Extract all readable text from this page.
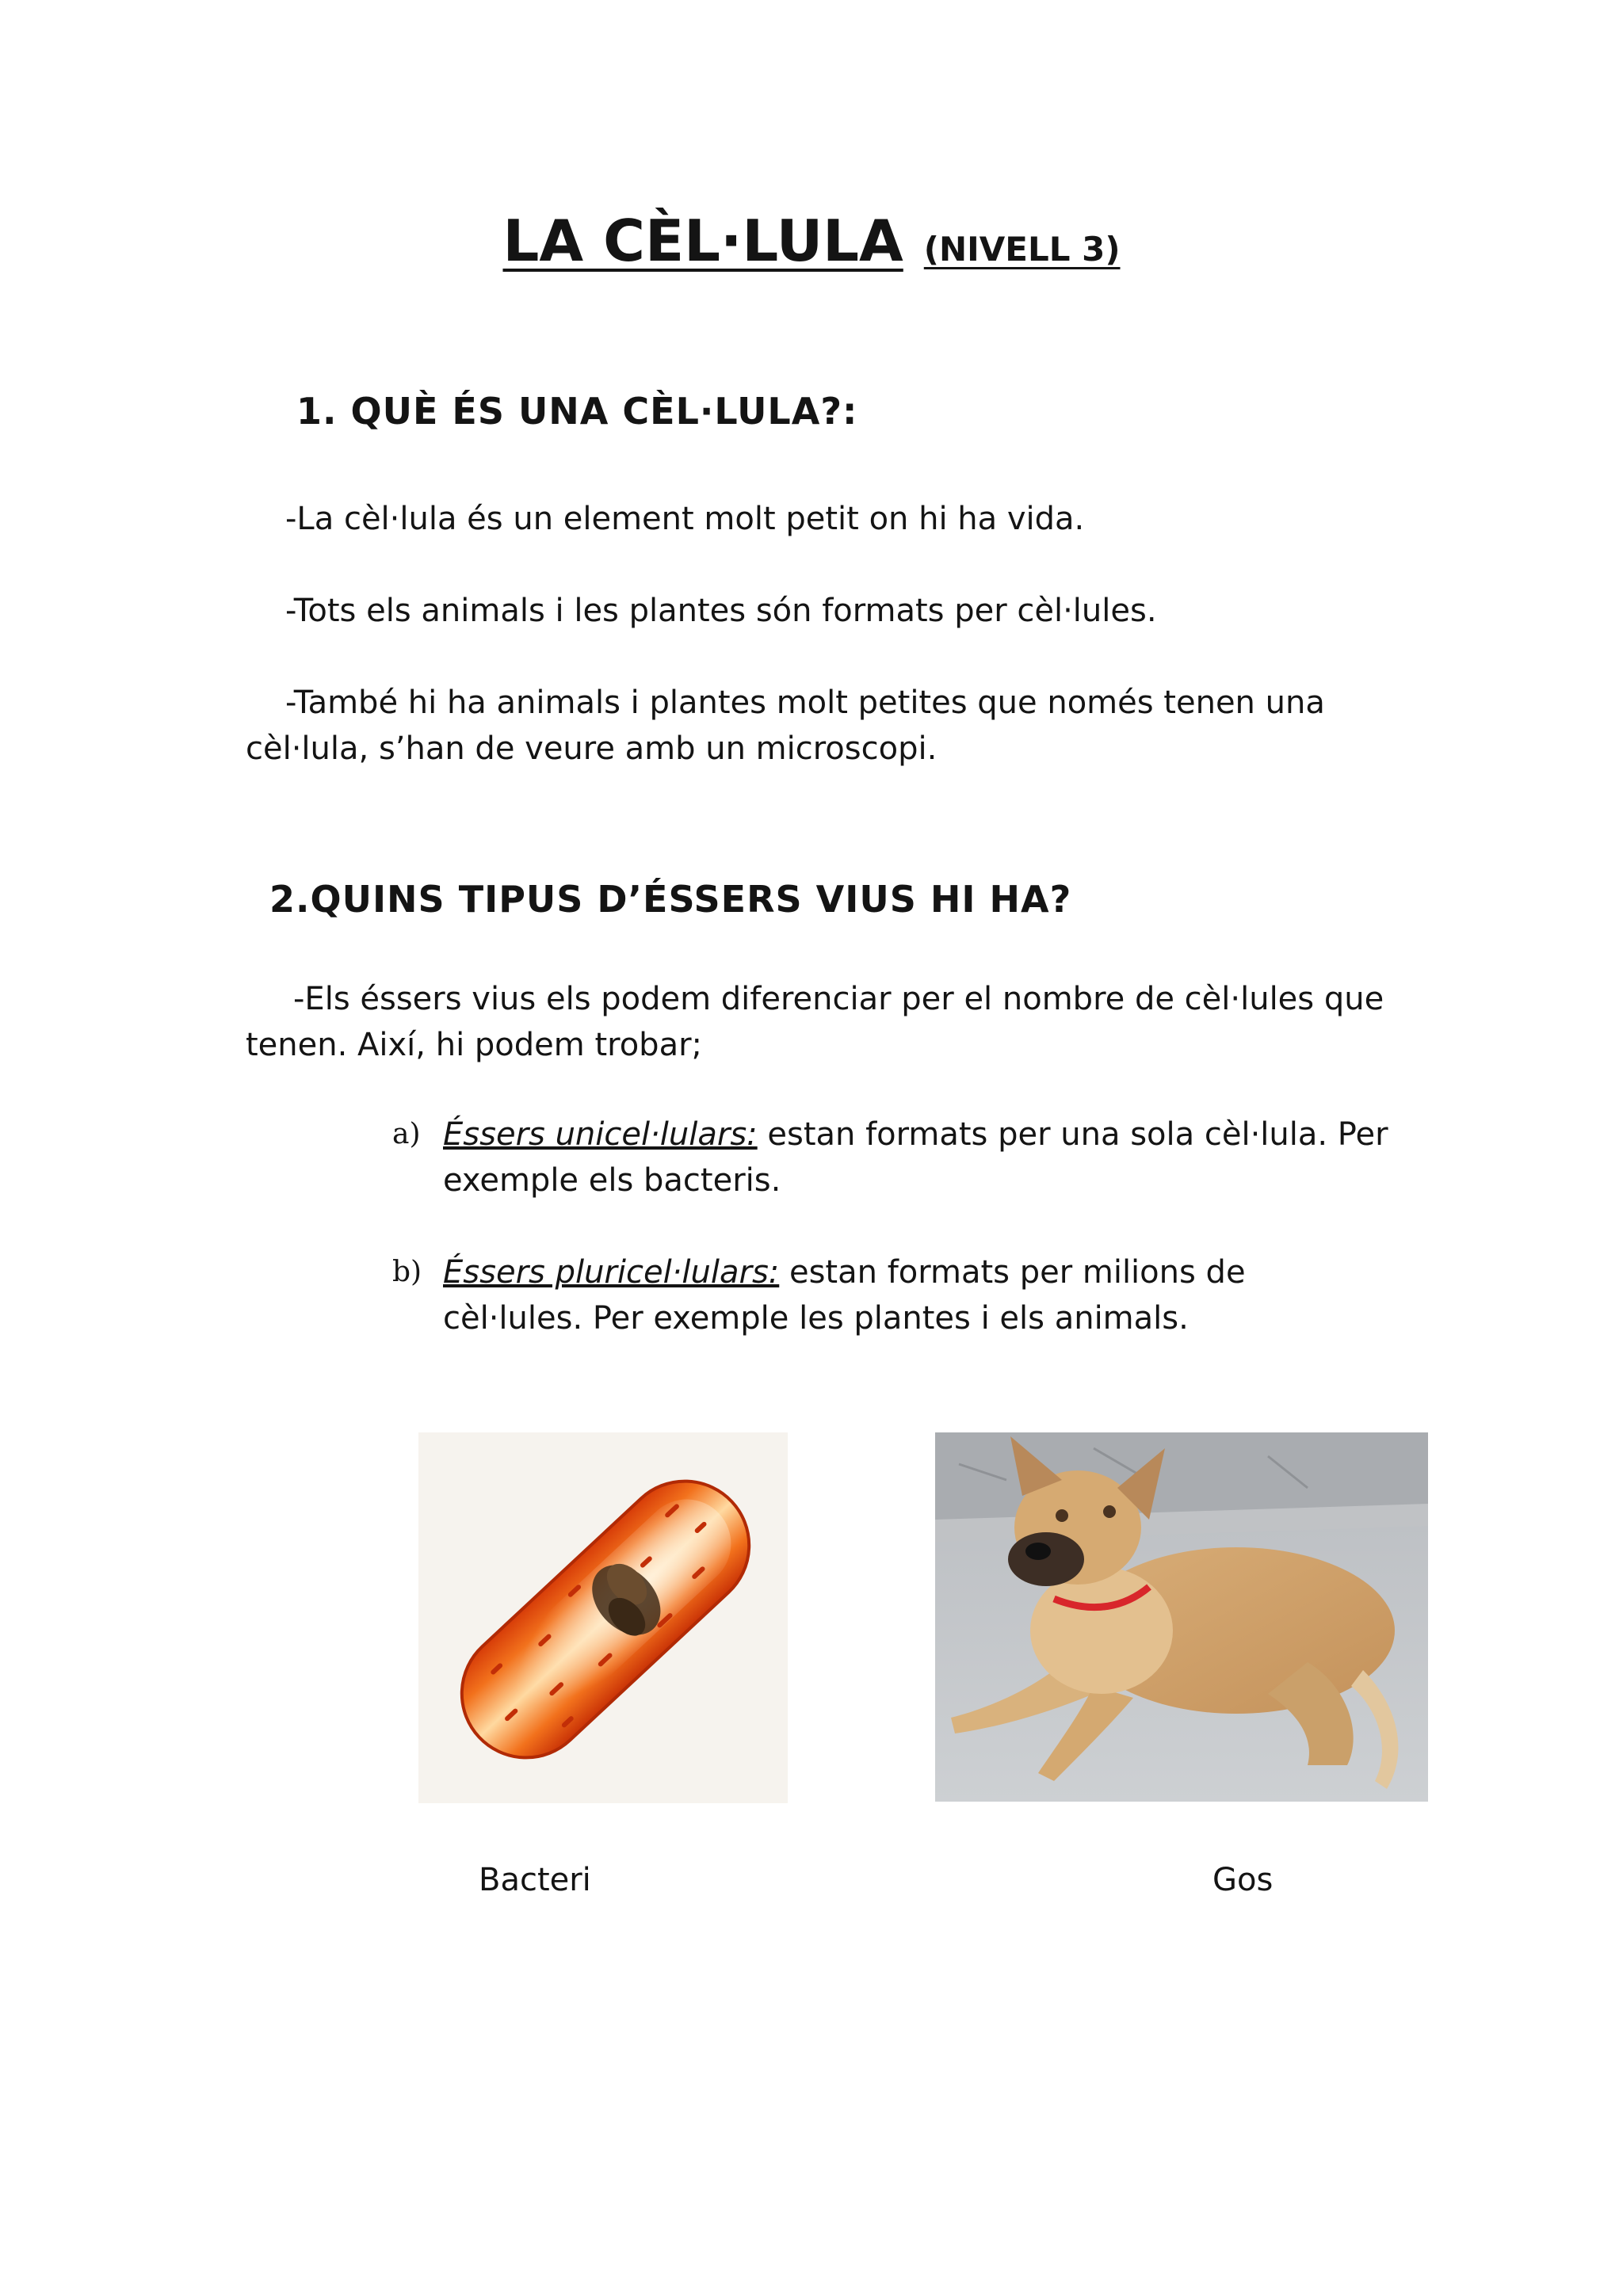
LA CÈL·LULA (NIVELL 3)
1. QUÈ ÉS UNA CÈL·LULA?:

-La cèl·lula és un element molt petit on hi ha vida.

-Tots els animals i les plantes són formats per cèl·lules.

-També hi ha animals i plantes molt petites que només tenen una cèl·lula, s’han de veure amb un microscopi.

2.QUINS TIPUS D’ÉSSERS VIUS HI HA?

-Els éssers vius els podem diferenciar per el nombre de cèl·lules que tenen. Així, hi podem trobar;

a) Éssers unicel·lulars: estan formats per una sola cèl·lula. Per exemple els bacteris.
b) Éssers pluricel·lulars: estan formats per milions de cèl·lules. Per exemple les plantes i els animals.

Bacteri	Gos
